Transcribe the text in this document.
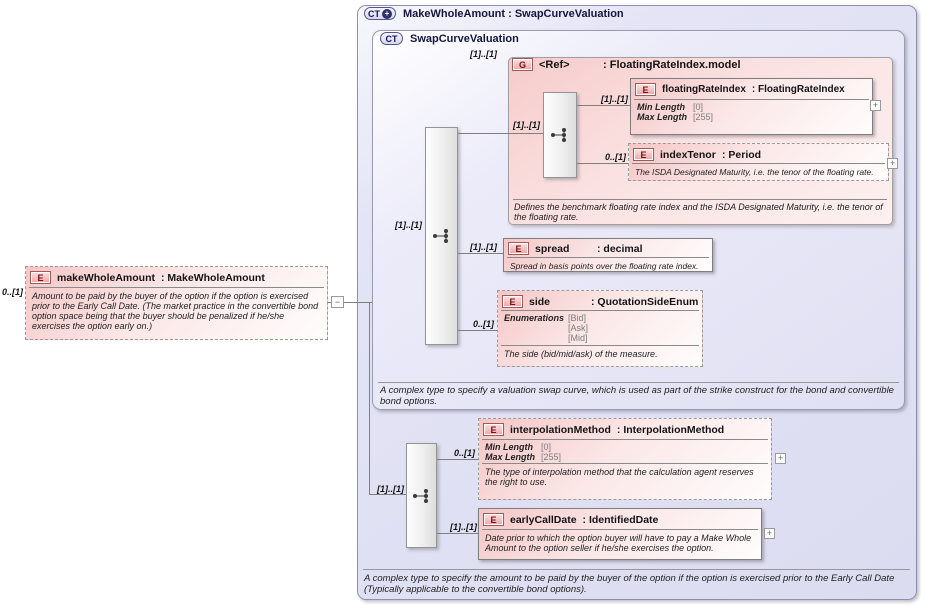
CT + MakeWholeAmount : SwapCurveValuation
A complex type to specify the amount to be paid by the buyer of the option if the option is exercised prior to the Early Call Date (Typically applicable to the convertible bond options).
CT SwapCurveValuation
A complex type to specify a valuation swap curve, which is used as part of the strike construct for the bond and convertible bond options.
G	<Ref>	: FloatingRateIndex.model
Defines the benchmark floating rate index and the ISDA Designated Maturity, i.e. the tenor of the floating rate.
E	makeWholeAmount : MakeWholeAmount
Amount to be paid by the buyer of the option if the option is exercised prior to the Early Call Date. (The market practice in the convertible bond option space being that the buyer should be penalized if he/she exercises the option early on.)
0..[1]
E	floatingRateIndex : FloatingRateIndex
Min Length [0]
Max Length [255]
+
E	indexTenor : Period
The ISDA Designated Maturity, i.e. the tenor of the floating rate.
+
E	spread	: decimal
Spread in basis points over the floating rate index.
E	side	: QuotationSideEnum
Enumerations [Bid]
[Ask]
[Mid]
The side (bid/mid/ask) of the measure.
E	interpolationMethod : InterpolationMethod
Min Length [0]
Max Length [255]
The type of interpolation method that the calculation agent reserves the right to use.
+
E	earlyCallDate : IdentifiedDate
Date prior to which the option buyer will have to pay a Make Whole Amount to the option seller if he/she exercises the option.
+
−
[1]..[1]
[1]..[1]
[1]..[1]
[1]..[1]
0..[1]
[1]..[1]
0..[1]
[1]..[1]
0..[1]
[1]..[1]
